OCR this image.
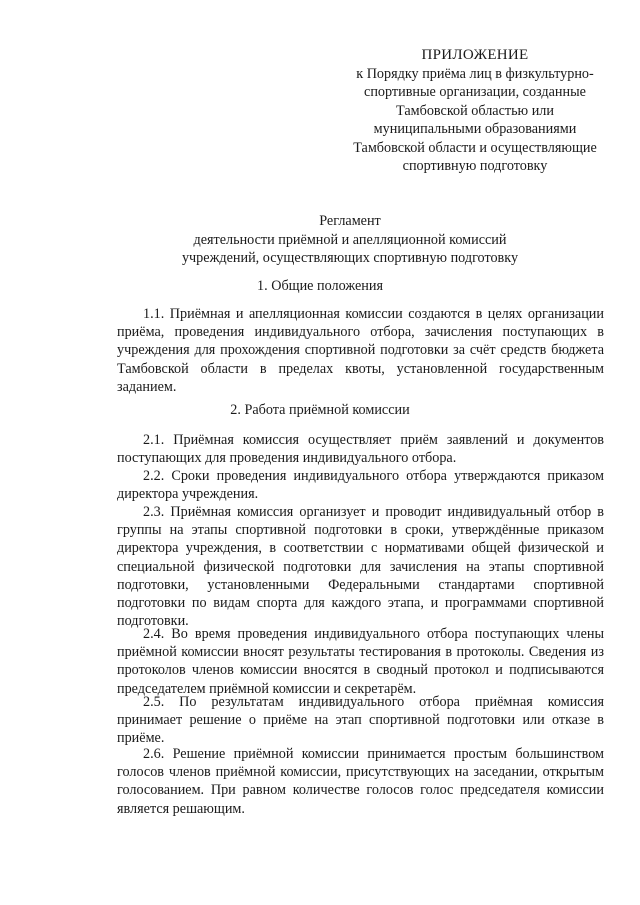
ПРИЛОЖЕНИЕ
к Порядку приёма лиц в физкультурно-
спортивные организации, созданные
Тамбовской областью или
муниципальными образованиями
Тамбовской области и осуществляющие
спортивную подготовку
Регламент
деятельности приёмной и апелляционной комиссий
учреждений, осуществляющих спортивную подготовку
1. Общие положения
1.1. Приёмная и апелляционная комиссии создаются в целях организации приёма, проведения индивидуального отбора, зачисления поступающих в учреждения для прохождения спортивной подготовки за счёт средств бюджета Тамбовской области в пределах квоты, установленной государственным заданием.
2. Работа приёмной комиссии
2.1. Приёмная комиссия осуществляет приём заявлений и документов поступающих для проведения индивидуального отбора.
2.2. Сроки проведения индивидуального отбора утверждаются приказом директора учреждения.
2.3. Приёмная комиссия организует и проводит индивидуальный отбор в группы на этапы спортивной подготовки в сроки, утверждённые приказом директора учреждения, в соответствии с нормативами общей физической и специальной физической подготовки для зачисления на этапы спортивной подготовки, установленными Федеральными стандартами спортивной подготовки по видам спорта для каждого этапа, и программами спортивной подготовки.
2.4. Во время проведения индивидуального отбора поступающих члены приёмной комиссии вносят результаты тестирования в протоколы. Сведения из протоколов членов комиссии вносятся в сводный протокол и подписываются председателем приёмной комиссии и секретарём.
2.5. По результатам индивидуального отбора приёмная комиссия принимает решение о приёме на этап спортивной подготовки или отказе в приёме.
2.6. Решение приёмной комиссии принимается простым большинством голосов членов приёмной комиссии, присутствующих на заседании, открытым голосованием. При равном количестве голосов голос председателя комиссии является решающим.
